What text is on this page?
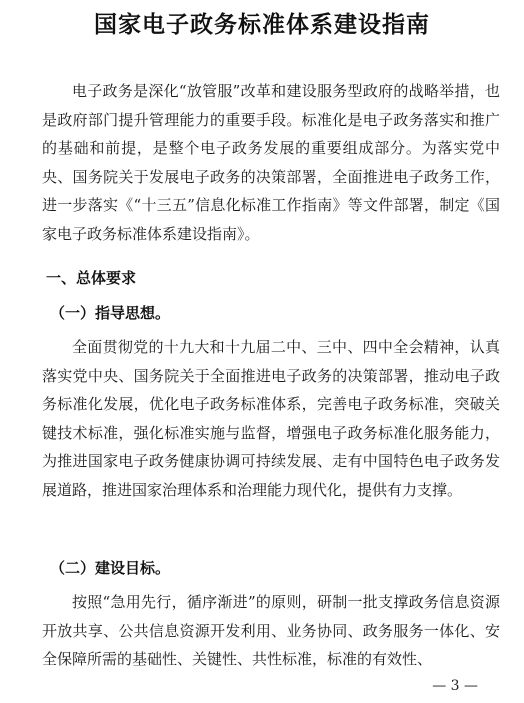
国家电子政务标准体系建设指南
电子政务是深化“放管服”改革和建设服务型政府的战略举措，也是政府部门提升管理能力的重要手段。标准化是电子政务落实和推广的基础和前提，是整个电子政务发展的重要组成部分。为落实党中央、国务院关于发展电子政务的决策部署，全面推进电子政务工作，进一步落实《“十三五”信息化标准工作指南》等文件部署，制定《国家电子政务标准体系建设指南》。
一、总体要求
（一）指导思想。
全面贯彻党的十九大和十九届二中、三中、四中全会精神，认真落实党中央、国务院关于全面推进电子政务的决策部署，推动电子政务标准化发展，优化电子政务标准体系，完善电子政务标准，突破关键技术标准，强化标准实施与监督，增强电子政务标准化服务能力，为推进国家电子政务健康协调可持续发展、走有中国特色电子政务发展道路，推进国家治理体系和治理能力现代化，提供有力支撑。
（二）建设目标。
按照“急用先行，循序渐进”的原则，研制一批支撑政务信息资源开放共享、公共信息资源开发利用、业务协同、政务服务一体化、安全保障所需的基础性、关键性、共性标准，标准的有效性、
— 3 —
